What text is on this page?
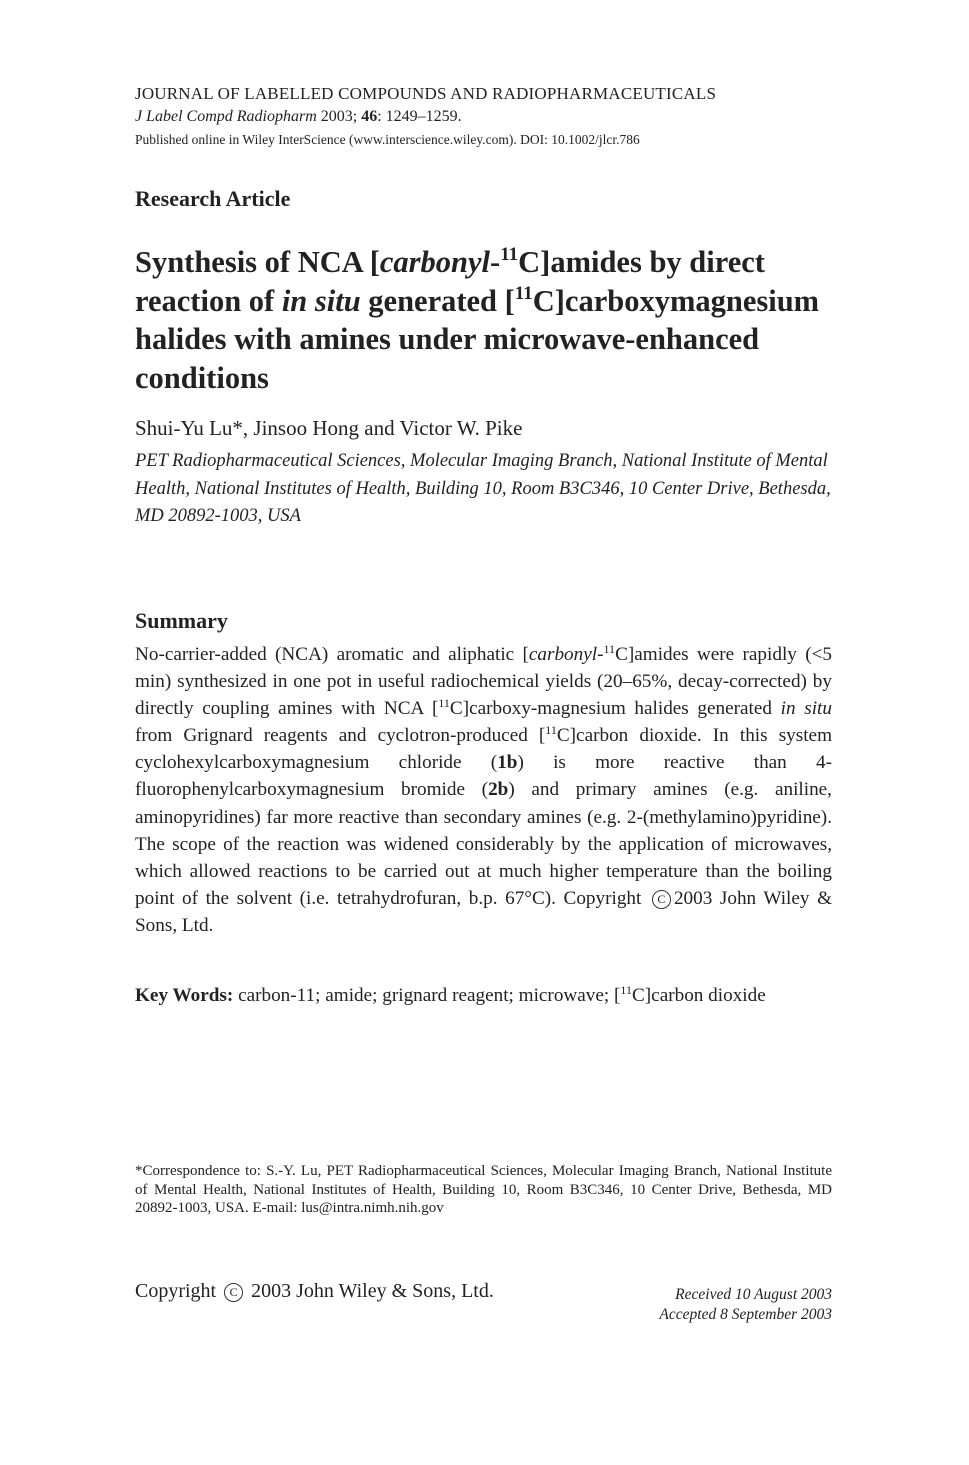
JOURNAL OF LABELLED COMPOUNDS AND RADIOPHARMACEUTICALS
J Label Compd Radiopharm 2003; 46: 1249–1259.
Published online in Wiley InterScience (www.interscience.wiley.com). DOI: 10.1002/jlcr.786
Research Article
Synthesis of NCA [carbonyl-$^{11}$C]amides by direct reaction of in situ generated [$^{11}$C]carboxymagnesium halides with amines under microwave-enhanced conditions
Shui-Yu Lu*, Jinsoo Hong and Victor W. Pike
PET Radiopharmaceutical Sciences, Molecular Imaging Branch, National Institute of Mental Health, National Institutes of Health, Building 10, Room B3C346, 10 Center Drive, Bethesda, MD 20892-1003, USA
Summary
No-carrier-added (NCA) aromatic and aliphatic [carbonyl-$^{11}$C]amides were rapidly (<5 min) synthesized in one pot in useful radiochemical yields (20–65%, decay-corrected) by directly coupling amines with NCA [$^{11}$C]carboxy-magnesium halides generated in situ from Grignard reagents and cyclotron-produced [$^{11}$C]carbon dioxide. In this system cyclohexylcarboxymagnesium chloride (1b) is more reactive than 4-fluorophenylcarboxymagnesium bromide (2b) and primary amines (e.g. aniline, aminopyridines) far more reactive than secondary amines (e.g. 2-(methylamino)pyridine). The scope of the reaction was widened considerably by the application of microwaves, which allowed reactions to be carried out at much higher temperature than the boiling point of the solvent (i.e. tetrahydrofuran, b.p. 67°C). Copyright C 2003 John Wiley & Sons, Ltd.
Key Words: carbon-11; amide; grignard reagent; microwave; [$^{11}$C]carbon dioxide
*Correspondence to: S.-Y. Lu, PET Radiopharmaceutical Sciences, Molecular Imaging Branch, National Institute of Mental Health, National Institutes of Health, Building 10, Room B3C346, 10 Center Drive, Bethesda, MD 20892-1003, USA. E-mail: lus@intra.nimh.nih.gov
Copyright C 2003 John Wiley & Sons, Ltd.	Received 10 August 2003
Accepted 8 September 2003
